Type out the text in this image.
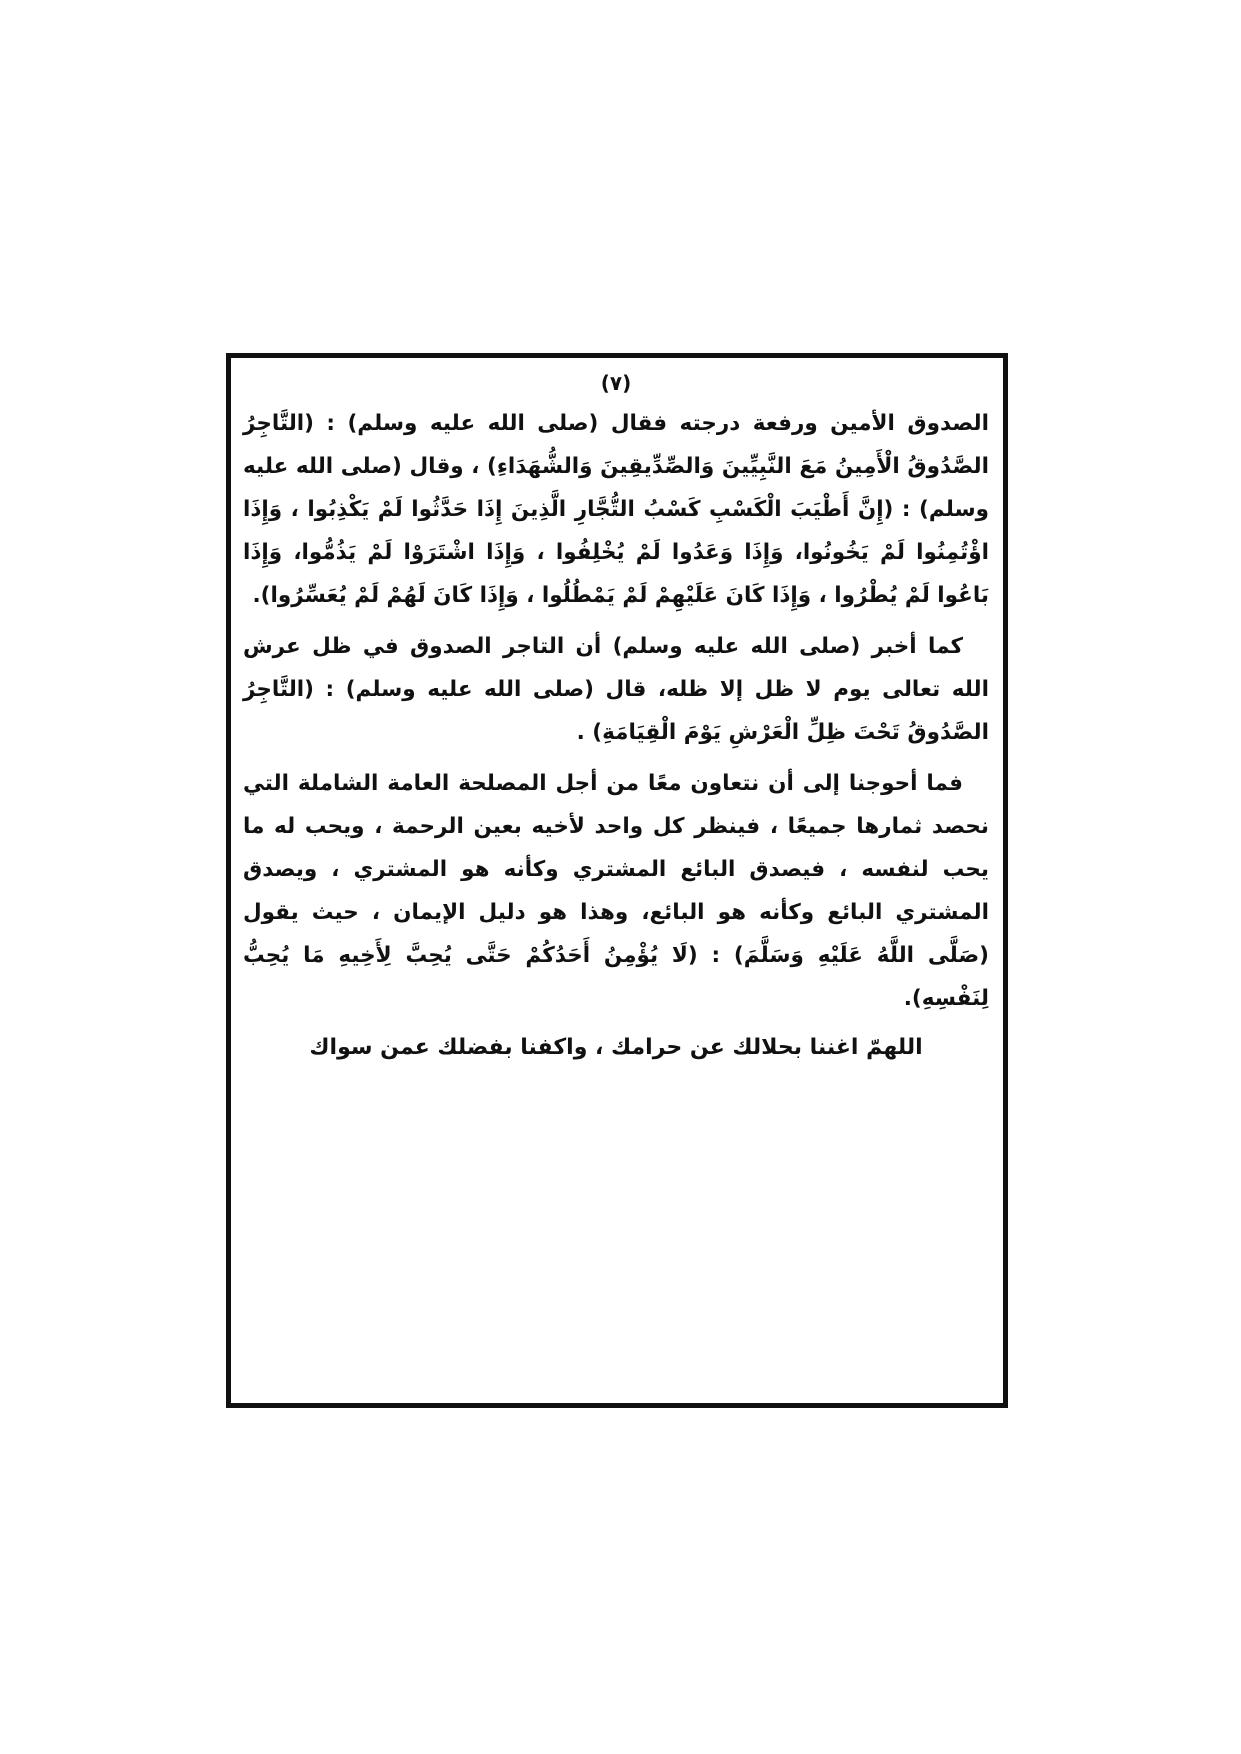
(٧)

الصدوق الأمين ورفعة درجته فقال (صلى الله عليه وسلم) : (التَّاجِرُ الصَّدُوقُ الْأَمِينُ مَعَ النَّبِيِّينَ وَالصِّدِّيقِينَ وَالشُّهَدَاءِ) ، وقال (صلى الله عليه وسلم) : (إِنَّ أَطْيَبَ الْكَسْبِ كَسْبُ التُّجَّارِ الَّذِينَ إِذَا حَدَّثُوا لَمْ يَكْذِبُوا ، وَإِذَا اؤْتُمِنُوا لَمْ يَخُونُوا، وَإِذَا وَعَدُوا لَمْ يُخْلِفُوا ، وَإِذَا اشْتَرَوْا لَمْ يَذُمُّوا، وَإِذَا بَاعُوا لَمْ يُطْرُوا ، وَإِذَا كَانَ عَلَيْهِمْ لَمْ يَمْطُلُوا ، وَإِذَا كَانَ لَهُمْ لَمْ يُعَسِّرُوا).

كما أخبر (صلى الله عليه وسلم) أن التاجر الصدوق في ظل عرش الله تعالى يوم لا ظل إلا ظله، قال (صلى الله عليه وسلم) : (التَّاجِرُ الصَّدُوقُ تَحْتَ ظِلِّ الْعَرْشِ يَوْمَ الْقِيَامَةِ) .

فما أحوجنا إلى أن نتعاون معًا من أجل المصلحة العامة الشاملة التي نحصد ثمارها جميعًا ، فينظر كل واحد لأخيه بعين الرحمة ، ويحب له ما يحب لنفسه ، فيصدق البائع المشتري وكأنه هو المشتري ، ويصدق المشتري البائع وكأنه هو البائع، وهذا هو دليل الإيمان ، حيث يقول (صَلَّى اللَّهُ عَلَيْهِ وَسَلَّمَ) : (لَا يُؤْمِنُ أَحَدُكُمْ حَتَّى يُحِبَّ لِأَخِيهِ مَا يُحِبُّ لِنَفْسِهِ).

اللهمّ اغننا بحلالك عن حرامك ، واكفنا بفضلك عمن سواك
